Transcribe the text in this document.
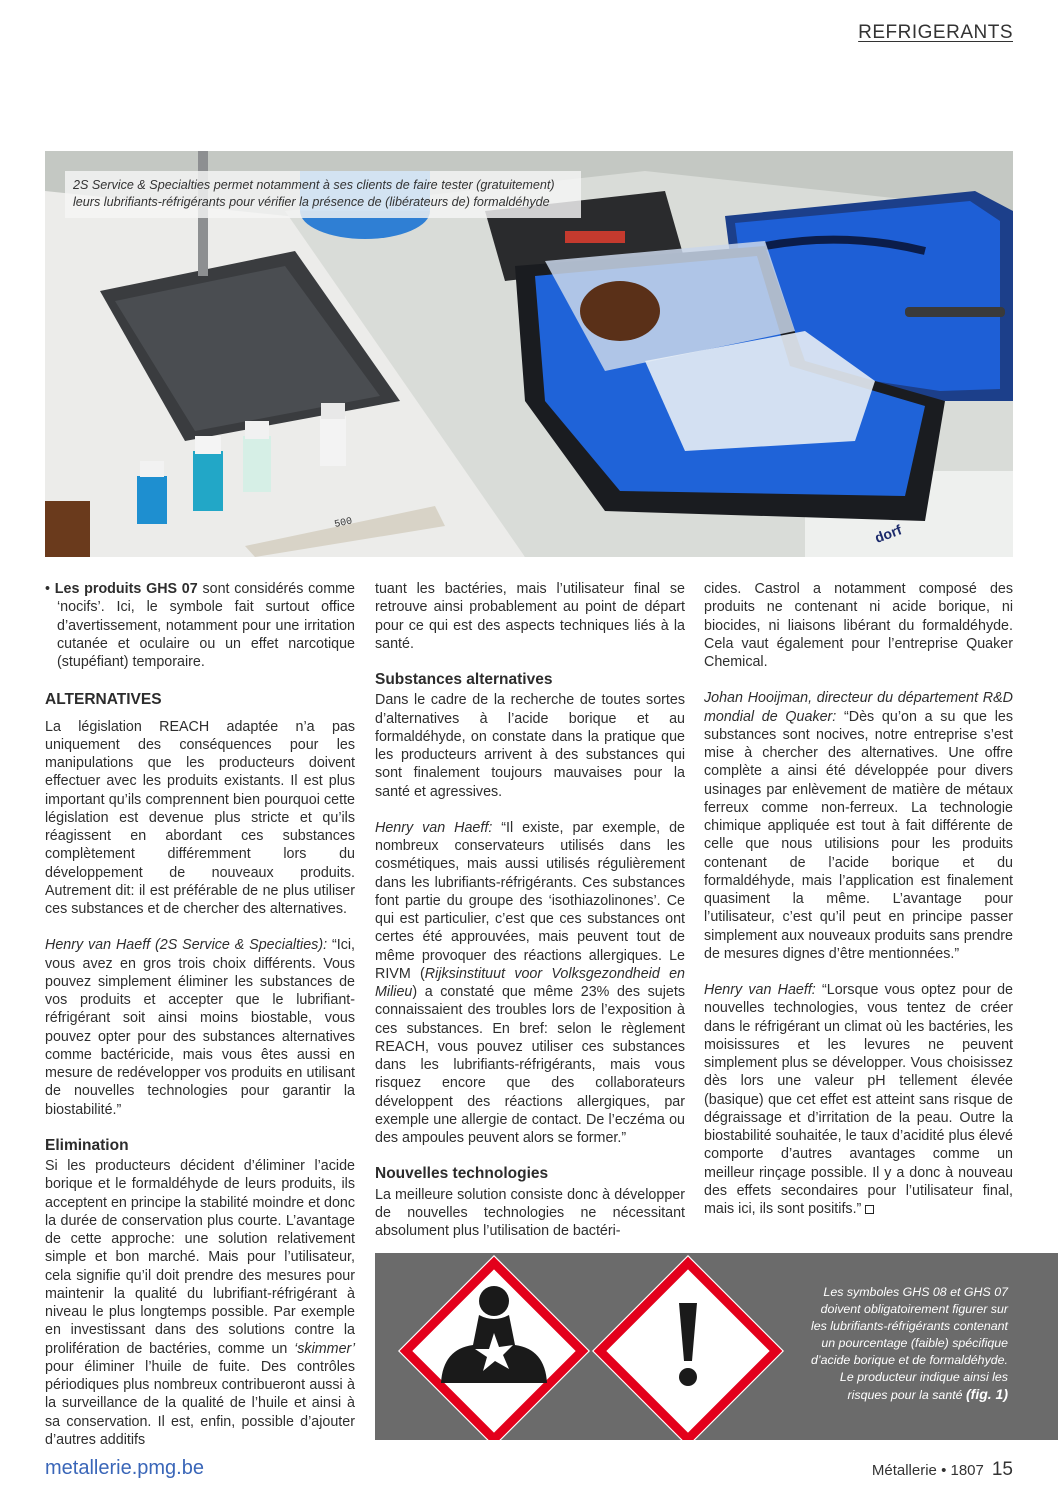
REFRIGERANTS
500	dorf
2S Service & Specialties permet notamment à ses clients de faire tester (gratuitement) leurs lubrifiants-réfrigérants pour vérifier la présence de (libérateurs de) formaldéhyde

• Les produits GHS 07 sont considérés comme ‘nocifs’. Ici, le symbole fait surtout office d’avertissement, notamment pour une irritation cutanée et oculaire ou un effet narcotique (stupéfiant) temporaire.

ALTERNATIVES

La législation REACH adaptée n’a pas uniquement des conséquences pour les manipulations que les producteurs doivent effectuer avec les produits existants. Il est plus important qu’ils comprennent bien pourquoi cette législation est devenue plus stricte et qu’ils réagissent en abordant ces substances complètement différemment lors du développement de nouveaux produits. Autrement dit: il est préférable de ne plus utiliser ces substances et de chercher des alternatives.

Henry van Haeff (2S Service & Specialties): “Ici, vous avez en gros trois choix différents. Vous pouvez simplement éliminer les substances de vos produits et accepter que le lubrifiant-réfrigérant soit ainsi moins biostable, vous pouvez opter pour des substances alternatives comme bactéricide, mais vous êtes aussi en mesure de redévelopper vos produits en utilisant de nouvelles technologies pour garantir la biostabilité.”

Elimination

Si les producteurs décident d’éliminer l’acide borique et le formaldéhyde de leurs produits, ils acceptent en principe la stabilité moindre et donc la durée de conservation plus courte. L’avantage de cette approche: une solution relativement simple et bon marché. Mais pour l’utilisateur, cela signifie qu’il doit prendre des mesures pour maintenir la qualité du lubrifiant-réfrigérant à niveau le plus longtemps possible. Par exemple en investissant dans des solutions contre la prolifération de bactéries, comme un ‘skimmer’ pour éliminer l’huile de fuite. Des contrôles périodiques plus nombreux contribueront aussi à la surveillance de la qualité de l’huile et ainsi à sa conservation. Il est, enfin, possible d’ajouter d’autres additifs

tuant les bactéries, mais l’utilisateur final se retrouve ainsi probablement au point de départ pour ce qui est des aspects techniques liés à la santé.

Substances alternatives

Dans le cadre de la recherche de toutes sortes d’alternatives à l’acide borique et au formaldéhyde, on constate dans la pratique que les producteurs arrivent à des substances qui sont finalement toujours mauvaises pour la santé et agressives.

Henry van Haeff: “Il existe, par exemple, de nombreux conservateurs utilisés dans les cosmétiques, mais aussi utilisés régulièrement dans les lubrifiants-réfrigérants. Ces substances font partie du groupe des ‘isothiazolinones’. Ce qui est particulier, c’est que ces substances ont certes été approuvées, mais peuvent tout de même provoquer des réactions allergiques. Le RIVM (Rijksinstituut voor Volksgezondheid en Milieu) a constaté que même 23% des sujets connaissaient des troubles lors de l’exposition à ces substances. En bref: selon le règlement REACH, vous pouvez utiliser ces substances dans les lubrifiants-réfrigérants, mais vous risquez encore que des collaborateurs développent des réactions allergiques, par exemple une allergie de contact. De l’eczéma ou des ampoules peuvent alors se former.”

Nouvelles technologies

La meilleure solution consiste donc à développer de nouvelles technologies ne nécessitant absolument plus l’utilisation de bactéri-

cides. Castrol a notamment composé des produits ne contenant ni acide borique, ni biocides, ni liaisons libérant du formaldéhyde. Cela vaut également pour l’entreprise Quaker Chemical.

Johan Hooijman, directeur du département R&D mondial de Quaker: “Dès qu’on a su que les substances sont nocives, notre entreprise s’est mise à chercher des alternatives. Une offre complète a ainsi été développée pour divers usinages par enlèvement de matière de métaux ferreux comme non-ferreux. La technologie chimique appliquée est tout à fait différente de celle que nous utilisions pour les produits contenant de l’acide borique et du formaldéhyde, mais l’application est finalement quasiment la même. L’avantage pour l’utilisateur, c’est qu’il peut en principe passer simplement aux nouveaux produits sans prendre de mesures dignes d’être mentionnées.”

Henry van Haeff: “Lorsque vous optez pour de nouvelles technologies, vous tentez de créer dans le réfrigérant un climat où les bactéries, les moisissures et les levures ne peuvent simplement plus se développer. Vous choisissez dès lors une valeur pH tellement élevée (basique) que cet effet est atteint sans risque de dégraissage et d’irritation de la peau. Outre la biostabilité souhaitée, le taux d’acidité plus élevé comporte d’autres avantages comme un meilleur rinçage possible. Il y a donc à nouveau des effets secondaires pour l’utilisateur final, mais ici, ils sont positifs.”

Les symboles GHS 08 et GHS 07 doivent obligatoirement figurer sur les lubrifiants-réfrigérants contenant un pourcentage (faible) spécifique d’acide borique et de formaldéhyde. Le producteur indique ainsi les risques pour la santé (fig. 1)
metallerie.pmg.be	Métallerie • 1807 15
